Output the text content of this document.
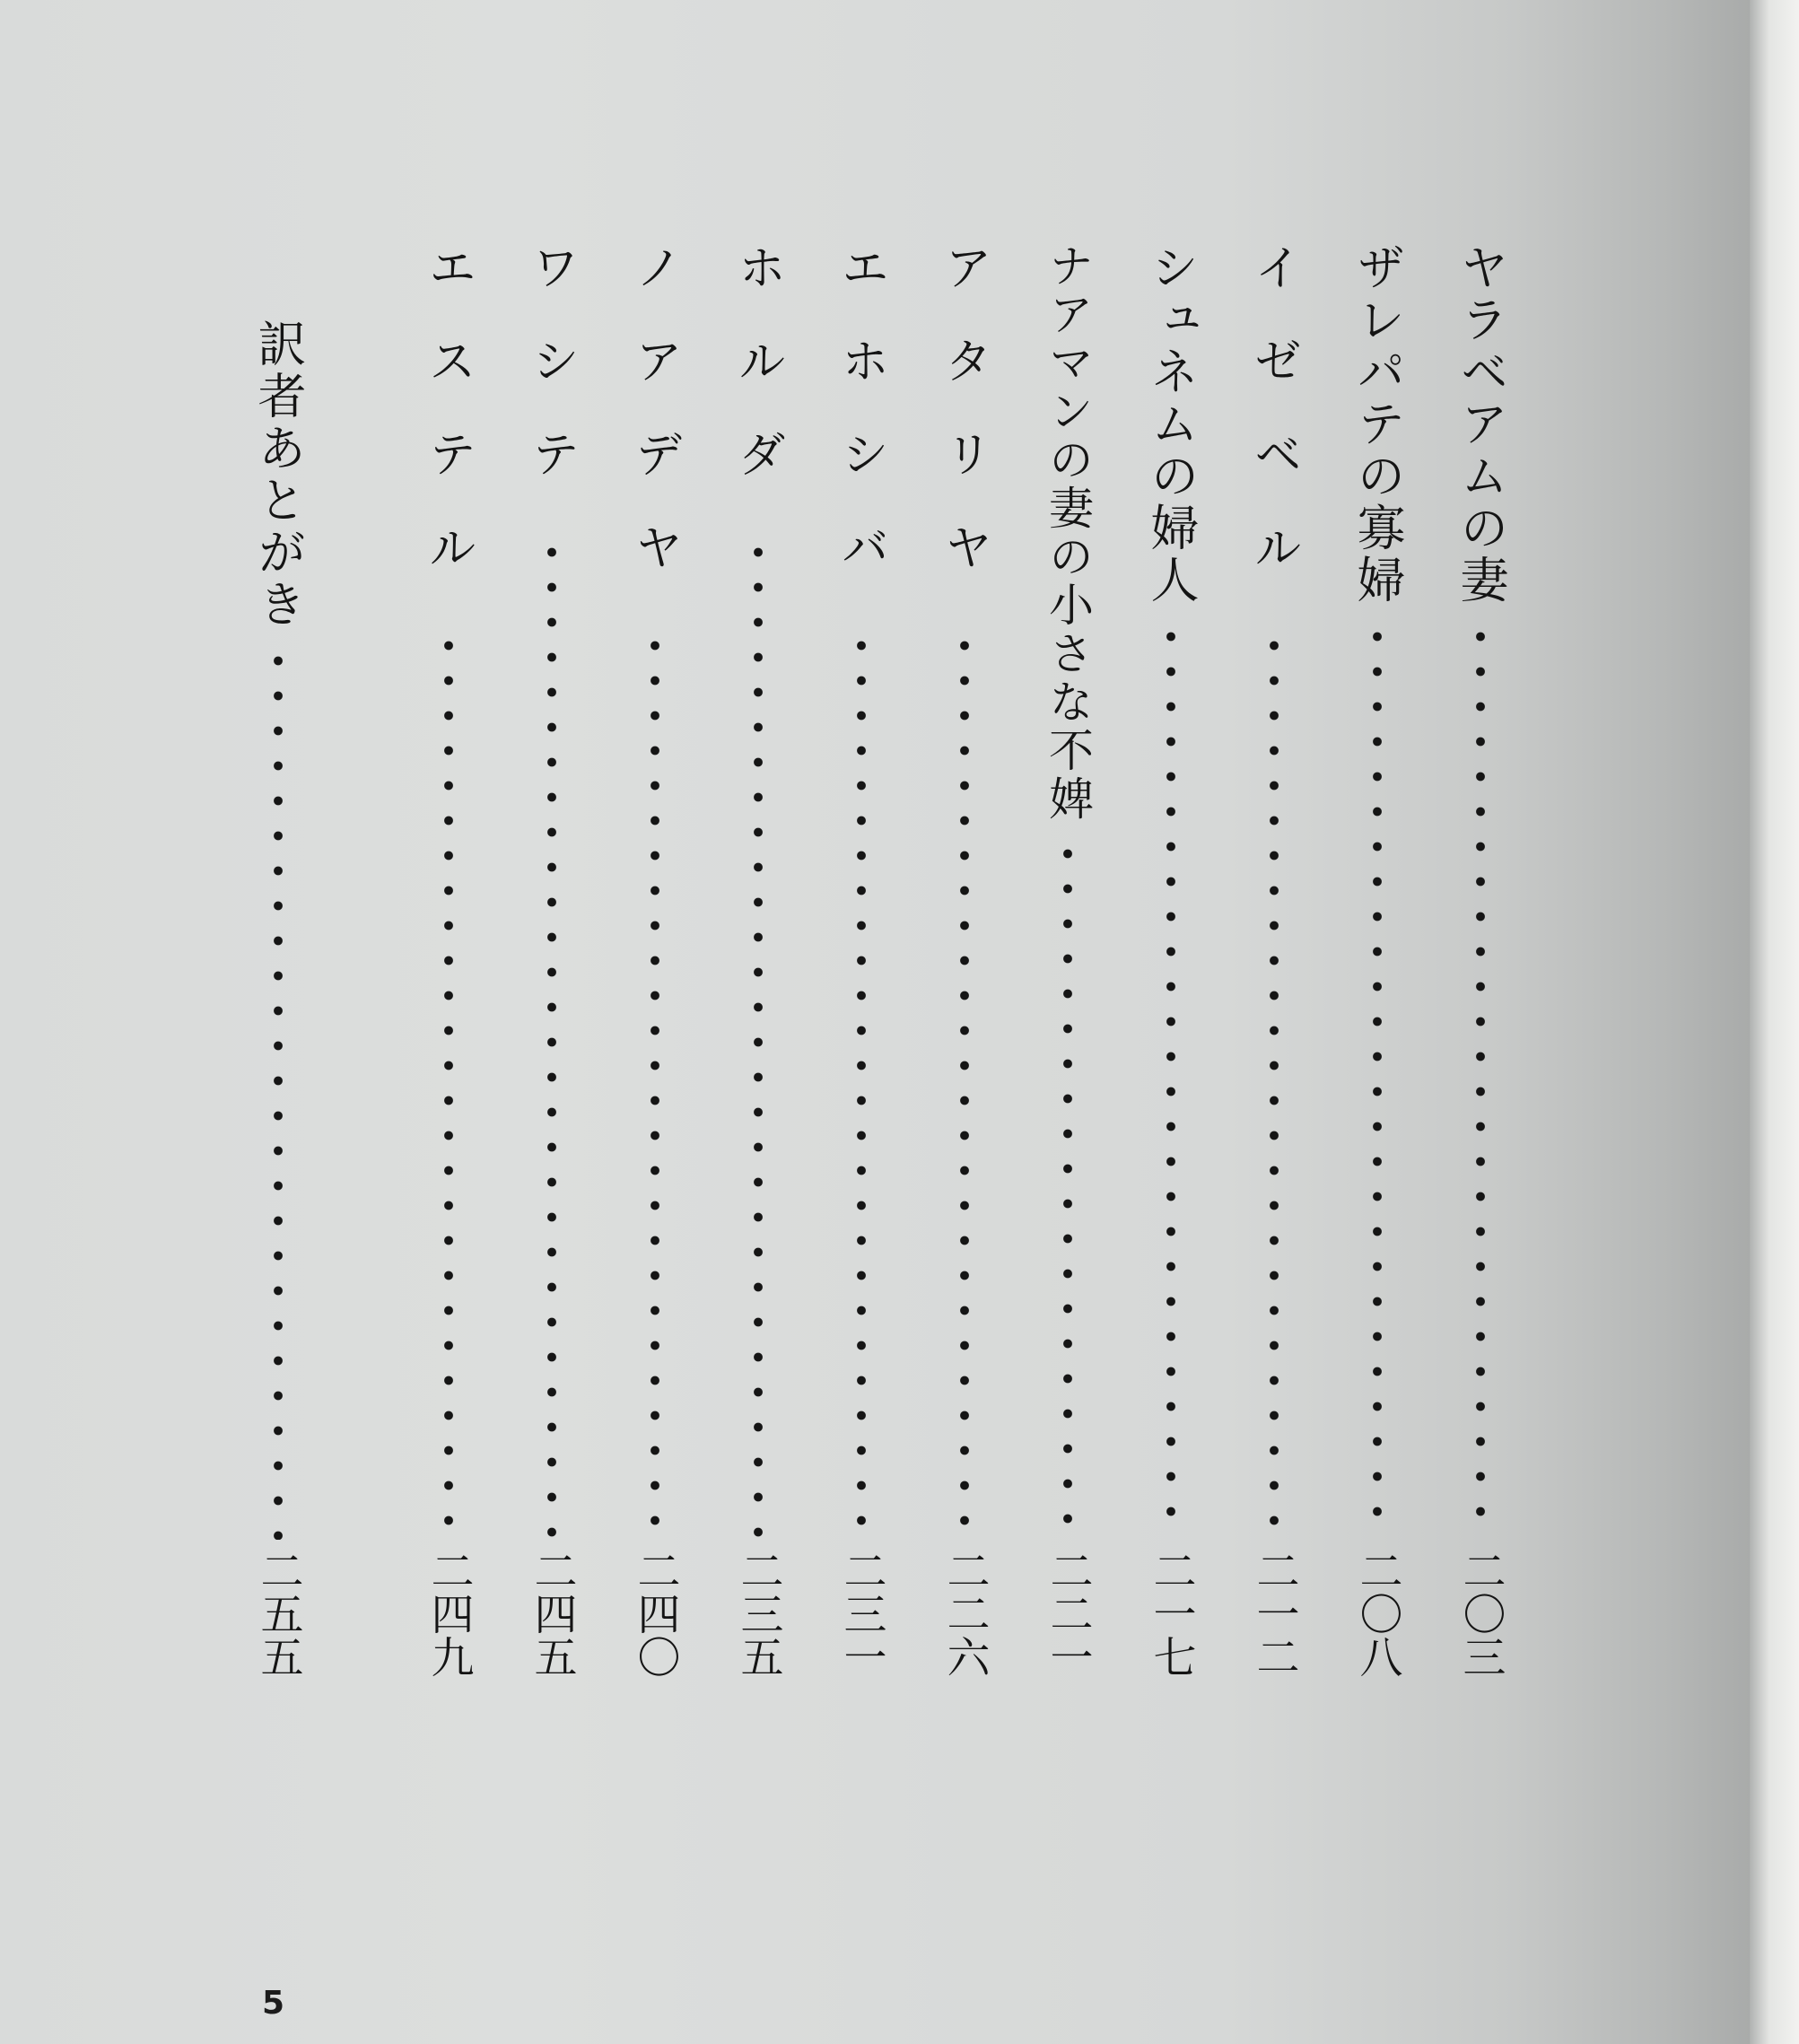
ヤラベアムの妻
二〇三
ザレパテの寡婦
二〇八
イゼベル
二一二
シュネムの婦人
二一七
ナアマンの妻の小さな不婢
二二一
アタリヤ
二二六
エホシバ
二三一
ホルダ
二三五
ノアデヤ
二四〇
ワシテ
二四五
エステル
二四九
訳者あとがき
二五五
5
